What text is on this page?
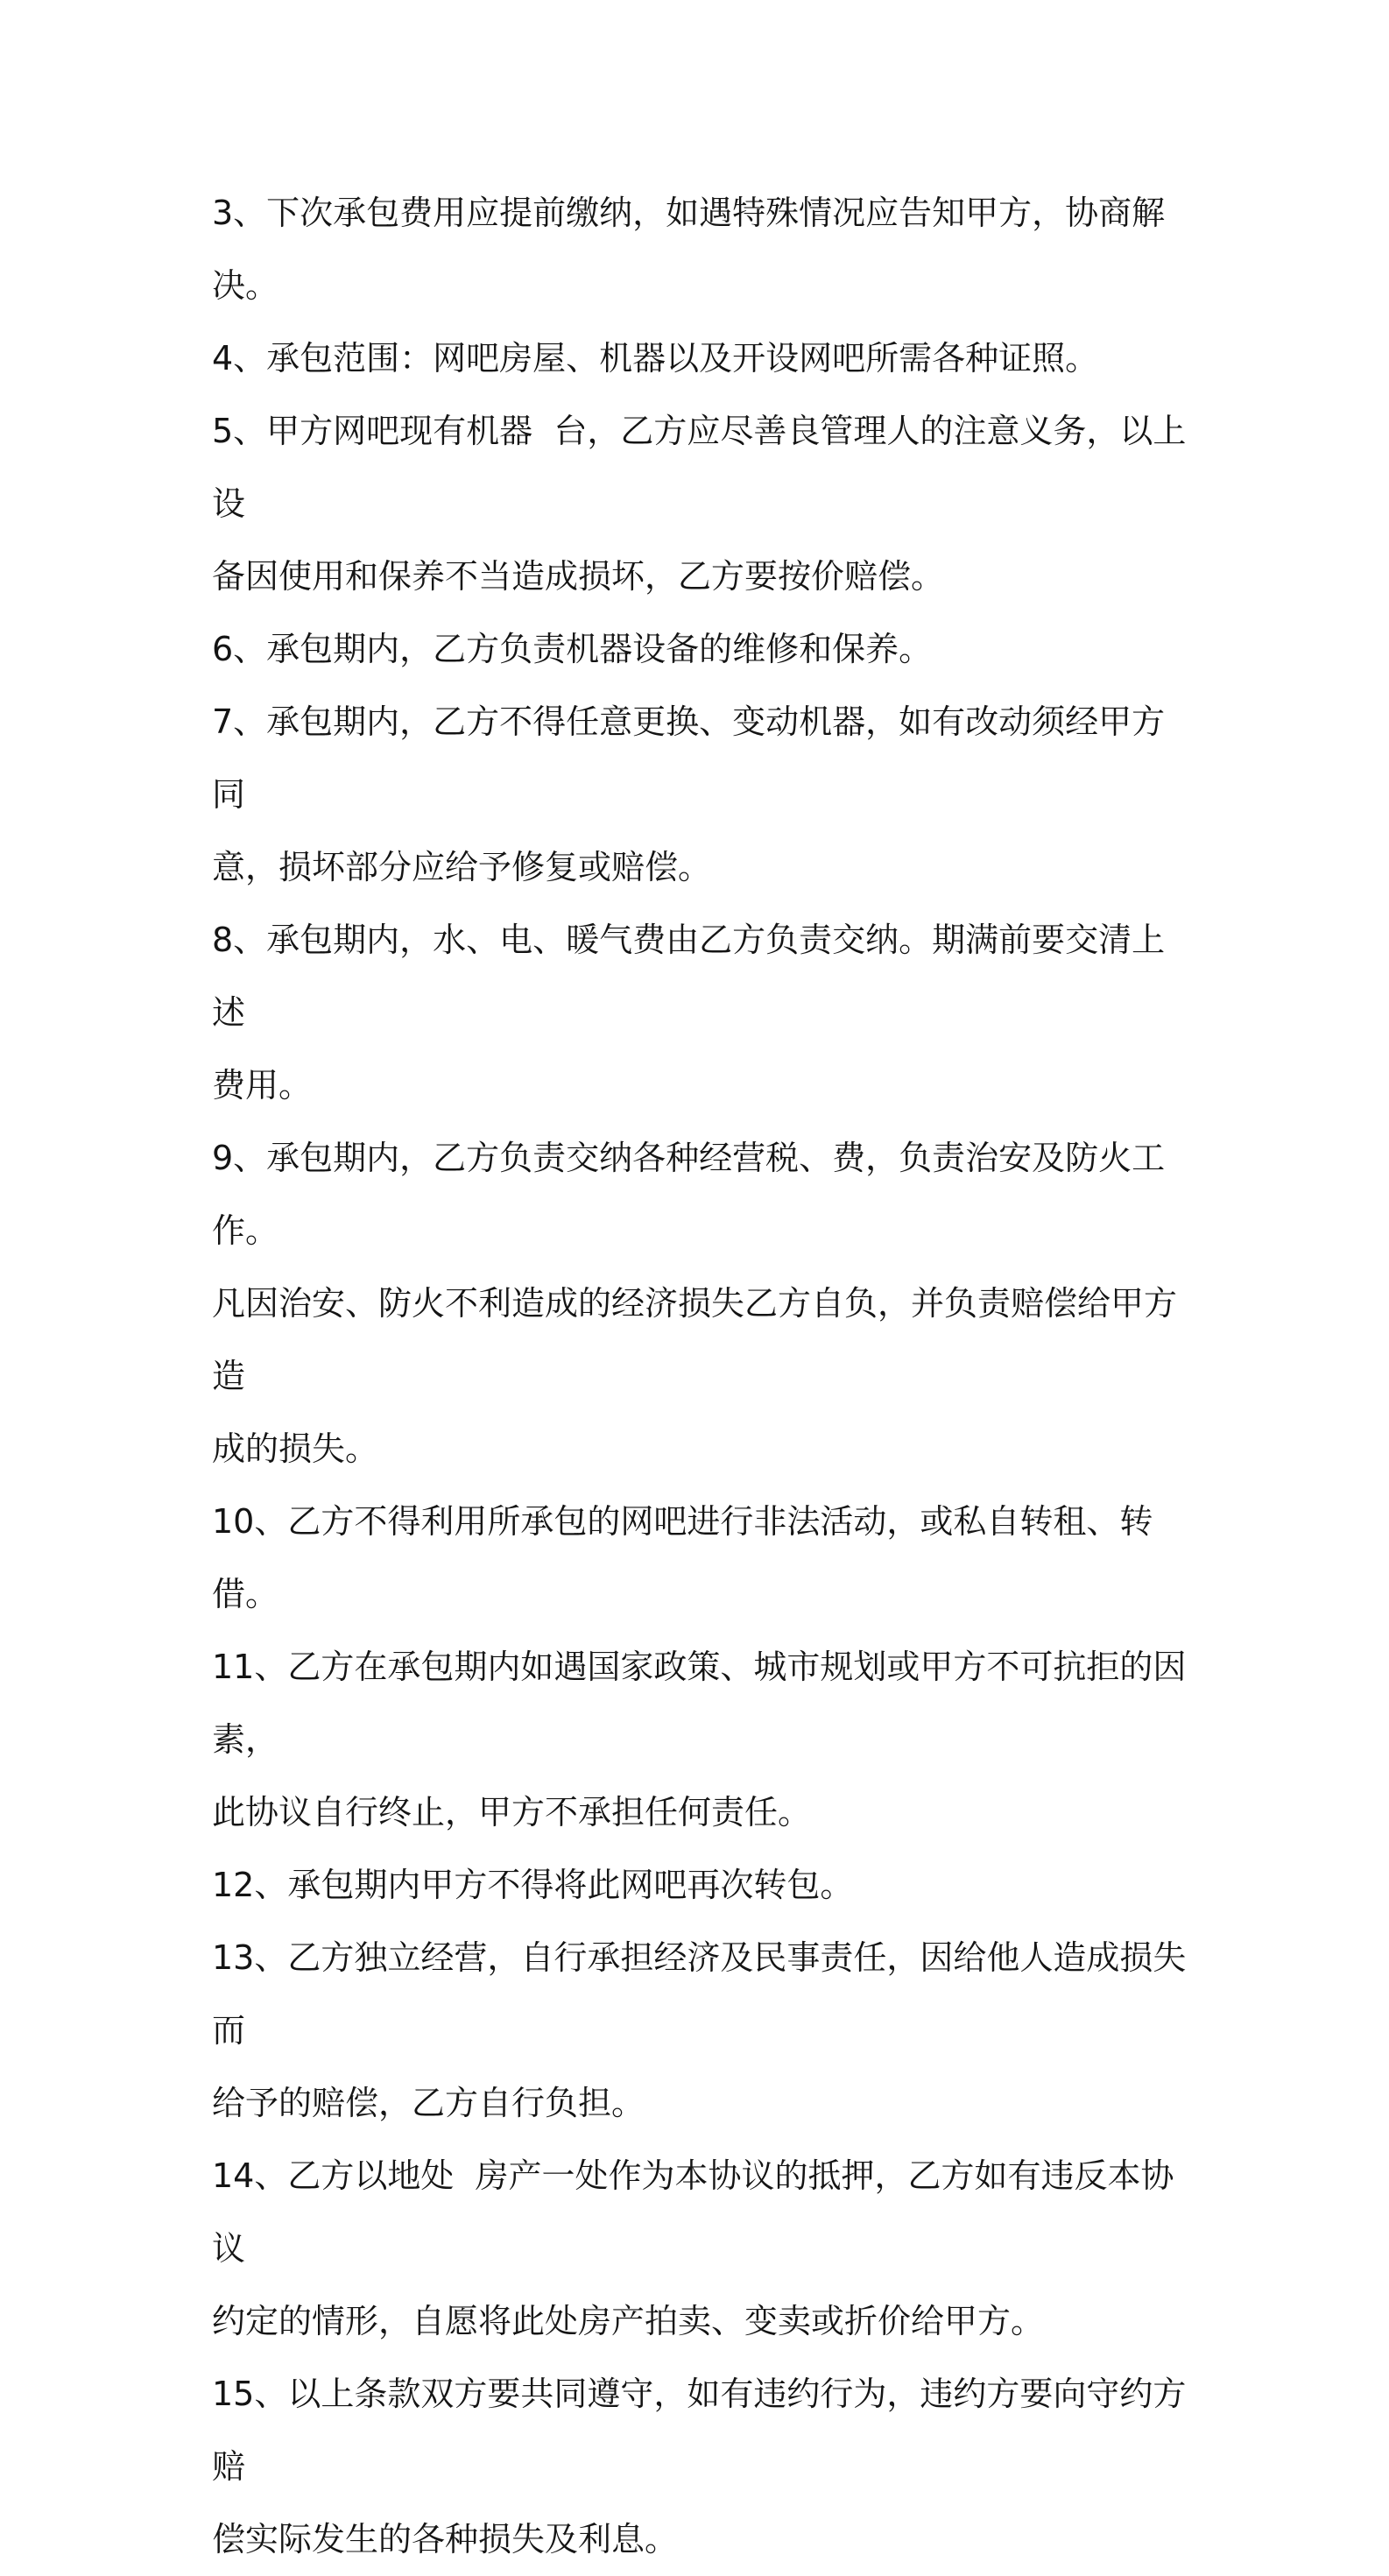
3、下次承包费用应提前缴纳，如遇特殊情况应告知甲方，协商解决。

4、承包范围：网吧房屋、机器以及开设网吧所需各种证照。

5、甲方网吧现有机器  台，乙方应尽善良管理人的注意义务，以上设

备因使用和保养不当造成损坏，乙方要按价赔偿。

6、承包期内，乙方负责机器设备的维修和保养。

7、承包期内，乙方不得任意更换、变动机器，如有改动须经甲方同

意，损坏部分应给予修复或赔偿。

8、承包期内，水、电、暖气费由乙方负责交纳。期满前要交清上述

费用。

9、承包期内，乙方负责交纳各种经营税、费，负责治安及防火工作。

凡因治安、防火不利造成的经济损失乙方自负，并负责赔偿给甲方造

成的损失。

10、乙方不得利用所承包的网吧进行非法活动，或私自转租、转借。

11、乙方在承包期内如遇国家政策、城市规划或甲方不可抗拒的因素，

此协议自行终止，甲方不承担任何责任。

12、承包期内甲方不得将此网吧再次转包。

13、乙方独立经营，自行承担经济及民事责任，因给他人造成损失而

给予的赔偿，乙方自行负担。

14、乙方以地处  房产一处作为本协议的抵押，乙方如有违反本协议

约定的情形，自愿将此处房产拍卖、变卖或折价给甲方。

15、以上条款双方要共同遵守，如有违约行为，违约方要向守约方赔

偿实际发生的各种损失及利息。
